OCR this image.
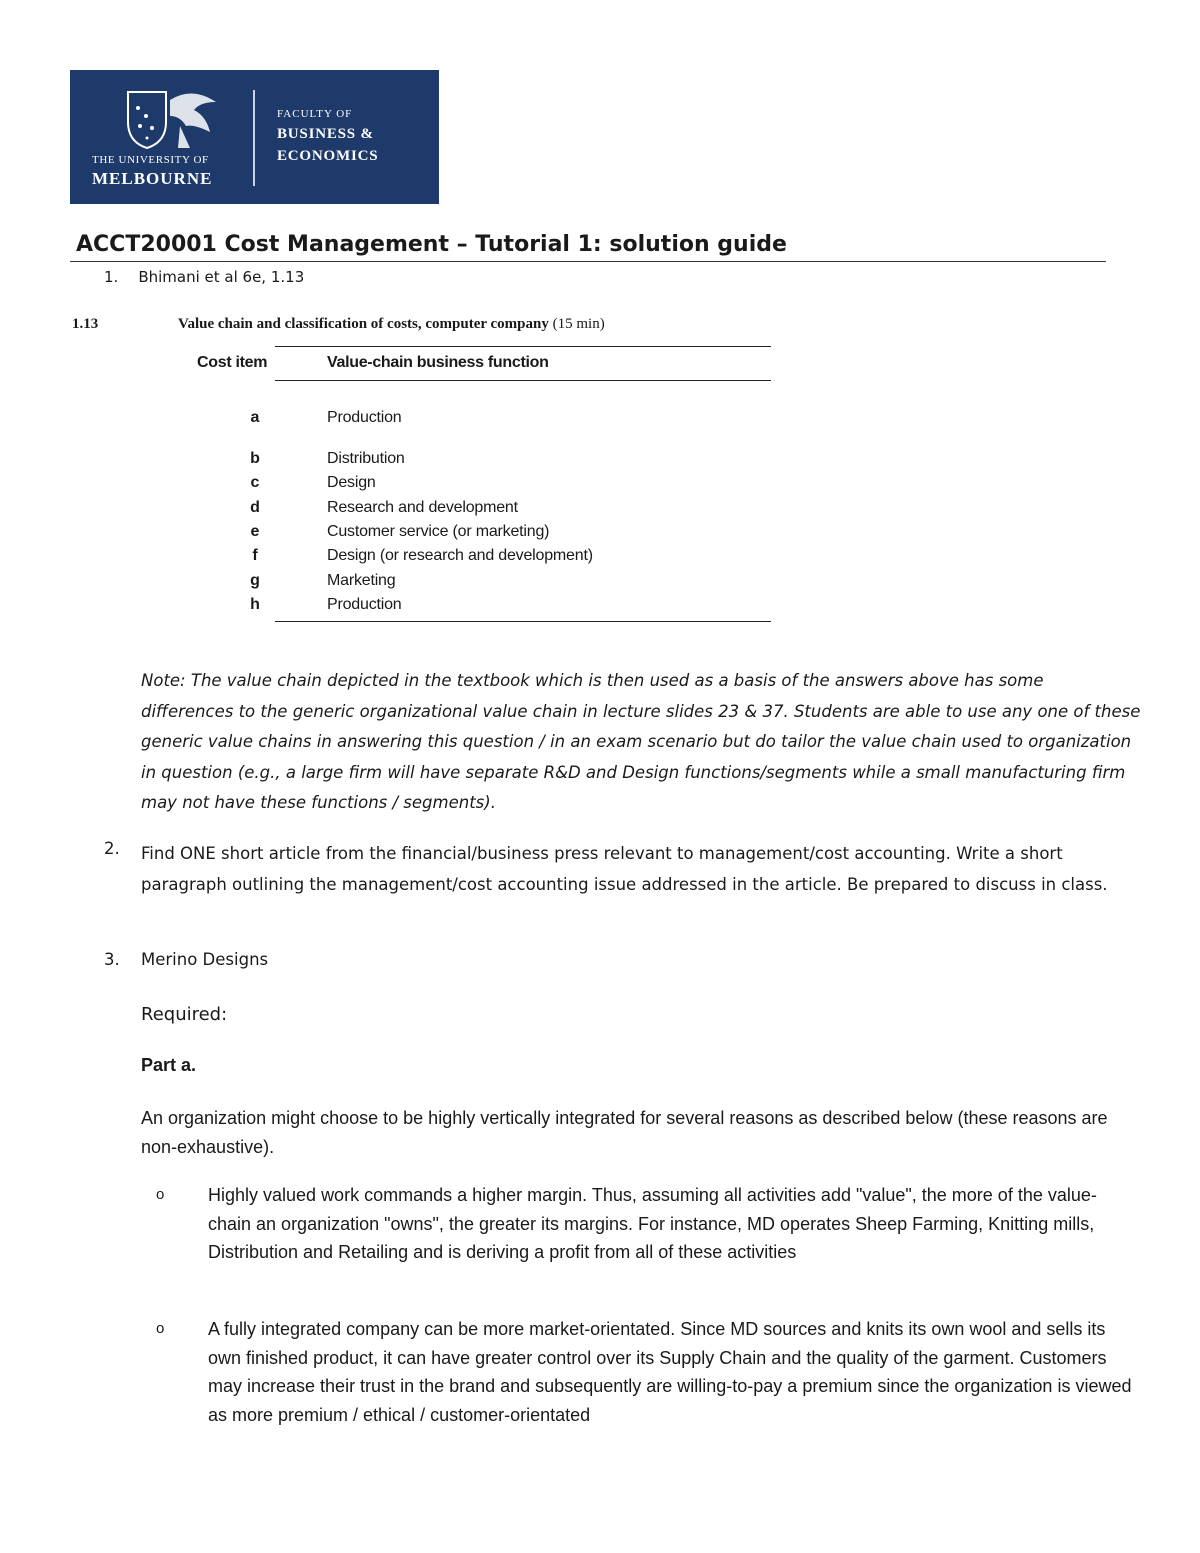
THE UNIVERSITY OF
MELBOURNE
FACULTY OF
BUSINESS &
ECONOMICS
ACCT20001 Cost Management – Tutorial 1: solution guide
1. Bhimani et al 6e, 1.13
1.13	Value chain and classification of costs, computer company (15 min)
Cost item	Value-chain business function
a	Production
b	Distribution
c	Design
d	Research and development
e	Customer service (or marketing)
f	Design (or research and development)
g	Marketing
h	Production
Note: The value chain depicted in the textbook which is then used as a basis of the answers above has some differences to the generic organizational value chain in lecture slides 23 & 37. Students are able to use any one of these generic value chains in answering this question / in an exam scenario but do tailor the value chain used to organization in question (e.g., a large firm will have separate R&D and Design functions/segments while a small manufacturing firm may not have these functions / segments).
2. Find ONE short article from the financial/business press relevant to management/cost accounting. Write a short paragraph outlining the management/cost accounting issue addressed in the article. Be prepared to discuss in class.
3. Merino Designs
Required:
Part a.
An organization might choose to be highly vertically integrated for several reasons as described below (these reasons are non-exhaustive).
o Highly valued work commands a higher margin. Thus, assuming all activities add "value", the more of the value-chain an organization "owns", the greater its margins. For instance, MD operates Sheep Farming, Knitting mills, Distribution and Retailing and is deriving a profit from all of these activities
o A fully integrated company can be more market-orientated. Since MD sources and knits its own wool and sells its own finished product, it can have greater control over its Supply Chain and the quality of the garment. Customers may increase their trust in the brand and subsequently are willing-to-pay a premium since the organization is viewed as more premium / ethical / customer-orientated
